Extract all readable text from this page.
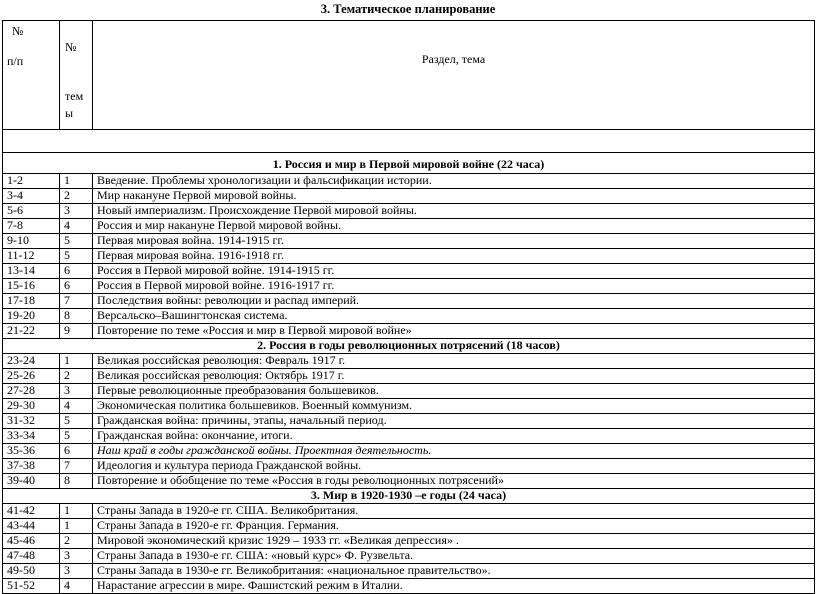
3. Тематическое планирование
№
п/п	№
тем
ы	Раздел, тема

1. Россия и мир в Первой мировой войне (22 часа)		
1-2	1	Введение. Проблемы хронологизации и фальсификации истории.
3-4	2	Мир накануне Первой мировой войны.
5-6	3	Новый империализм. Происхождение Первой мировой войны.
7-8	4	Россия и мир накануне Первой мировой войны.
9-10	5	Первая мировая война. 1914-1915 гг.
11-12	5	Первая мировая война. 1916-1918 гг.
13-14	6	Россия в Первой мировой войне. 1914-1915 гг.
15-16	6	Россия в Первой мировой войне. 1916-1917 гг.
17-18	7	Последствия войны: революции и распад империй.
19-20	8	Версальско–Вашингтонская система.
21-22	9	Повторение по теме «Россия и мир в Первой мировой войне»
2. Россия в годы революционных потрясений (18 часов)		
23-24	1	Великая российская революция: Февраль 1917 г.
25-26	2	Великая российская революция: Октябрь 1917 г.
27-28	3	Первые революционные преобразования большевиков.
29-30	4	Экономическая политика большевиков. Военный коммунизм.
31-32	5	Гражданская война: причины, этапы, начальный период.
33-34	5	Гражданская война: окончание, итоги.
35-36	6	Наш край в годы гражданской войны. Проектная деятельность.
37-38	7	Идеология и культура периода Гражданской войны.
39-40	8	Повторение и обобщение по теме «Россия в годы революционных потрясений»
3. Мир в 1920-1930 –е годы (24 часа)		
41-42	1	Страны Запада в 1920-е гг. США. Великобритания.
43-44	1	Страны Запада в 1920-е гг. Франция. Германия.
45-46	2	Мировой экономический кризис 1929 – 1933 гг. «Великая депрессия» .
47-48	3	Страны Запада в 1930-е гг. США: «новый курс» Ф. Рузвельта.
49-50	3	Страны Запада в 1930-е гг. Великобритания: «национальное правительство».
51-52	4	Нарастание агрессии в мире. Фашистский режим в Италии.
